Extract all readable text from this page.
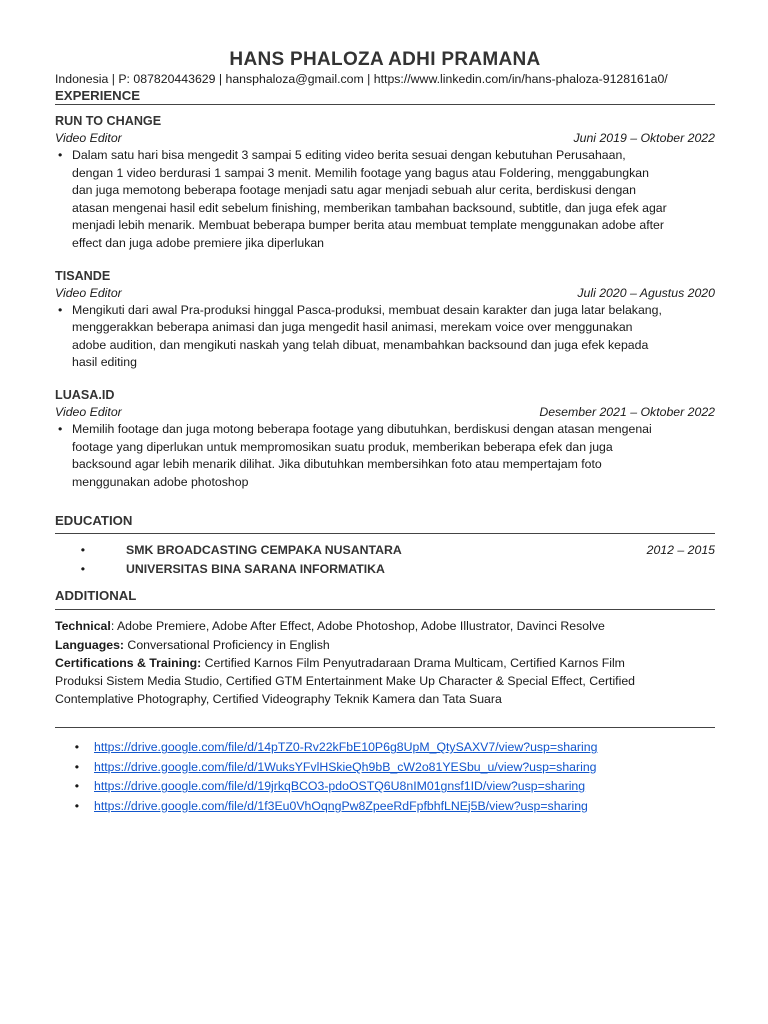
HANS PHALOZA ADHI PRAMANA
Indonesia | P: 087820443629 | hansphaloza@gmail.com | https://www.linkedin.com/in/hans-phaloza-9128161a0/
EXPERIENCE
RUN TO CHANGE
Video Editor	Juni 2019 – Oktober 2022
• Dalam satu hari bisa mengedit 3 sampai 5 editing video berita sesuai dengan kebutuhan Perusahaan,
dengan 1 video berdurasi 1 sampai 3 menit. Memilih footage yang bagus atau Foldering, menggabungkan
dan juga memotong beberapa footage menjadi satu agar menjadi sebuah alur cerita, berdiskusi dengan
atasan mengenai hasil edit sebelum finishing, memberikan tambahan backsound, subtitle, dan juga efek agar
menjadi lebih menarik. Membuat beberapa bumper berita atau membuat template menggunakan adobe after
effect dan juga adobe premiere jika diperlukan
TISANDE
Video Editor	Juli 2020 – Agustus 2020
• Mengikuti dari awal Pra-produksi hinggal Pasca-produksi, membuat desain karakter dan juga latar belakang,
menggerakkan beberapa animasi dan juga mengedit hasil animasi, merekam voice over menggunakan
adobe audition, dan mengikuti naskah yang telah dibuat, menambahkan backsound dan juga efek kepada
hasil editing
LUASA.ID
Video Editor	Desember 2021 – Oktober 2022
• Memilih footage dan juga motong beberapa footage yang dibutuhkan, berdiskusi dengan atasan mengenai
footage yang diperlukan untuk mempromosikan suatu produk, memberikan beberapa efek dan juga
backsound agar lebih menarik dilihat. Jika dibutuhkan membersihkan foto atau mempertajam foto
menggunakan adobe photoshop
EDUCATION
•	SMK BROADCASTING CEMPAKA NUSANTARA	2012 – 2015
•	UNIVERSITAS BINA SARANA INFORMATIKA
ADDITIONAL
Technical: Adobe Premiere, Adobe After Effect, Adobe Photoshop, Adobe Illustrator, Davinci Resolve
Languages: Conversational Proficiency in English
Certifications & Training: Certified Karnos Film Penyutradaraan Drama Multicam, Certified Karnos Film
Produksi Sistem Media Studio, Certified GTM Entertainment Make Up Character & Special Effect, Certified
Contemplative Photography, Certified Videography Teknik Kamera dan Tata Suara
• https://drive.google.com/file/d/14pTZ0-Rv22kFbE10P6g8UpM_QtySAXV7/view?usp=sharing
• https://drive.google.com/file/d/1WuksYFvlHSkieQh9bB_cW2o81YESbu_u/view?usp=sharing
• https://drive.google.com/file/d/19jrkqBCO3-pdoOSTQ6U8nIM01gnsf1ID/view?usp=sharing
• https://drive.google.com/file/d/1f3Eu0VhOqngPw8ZpeeRdFpfbhfLNEj5B/view?usp=sharing
